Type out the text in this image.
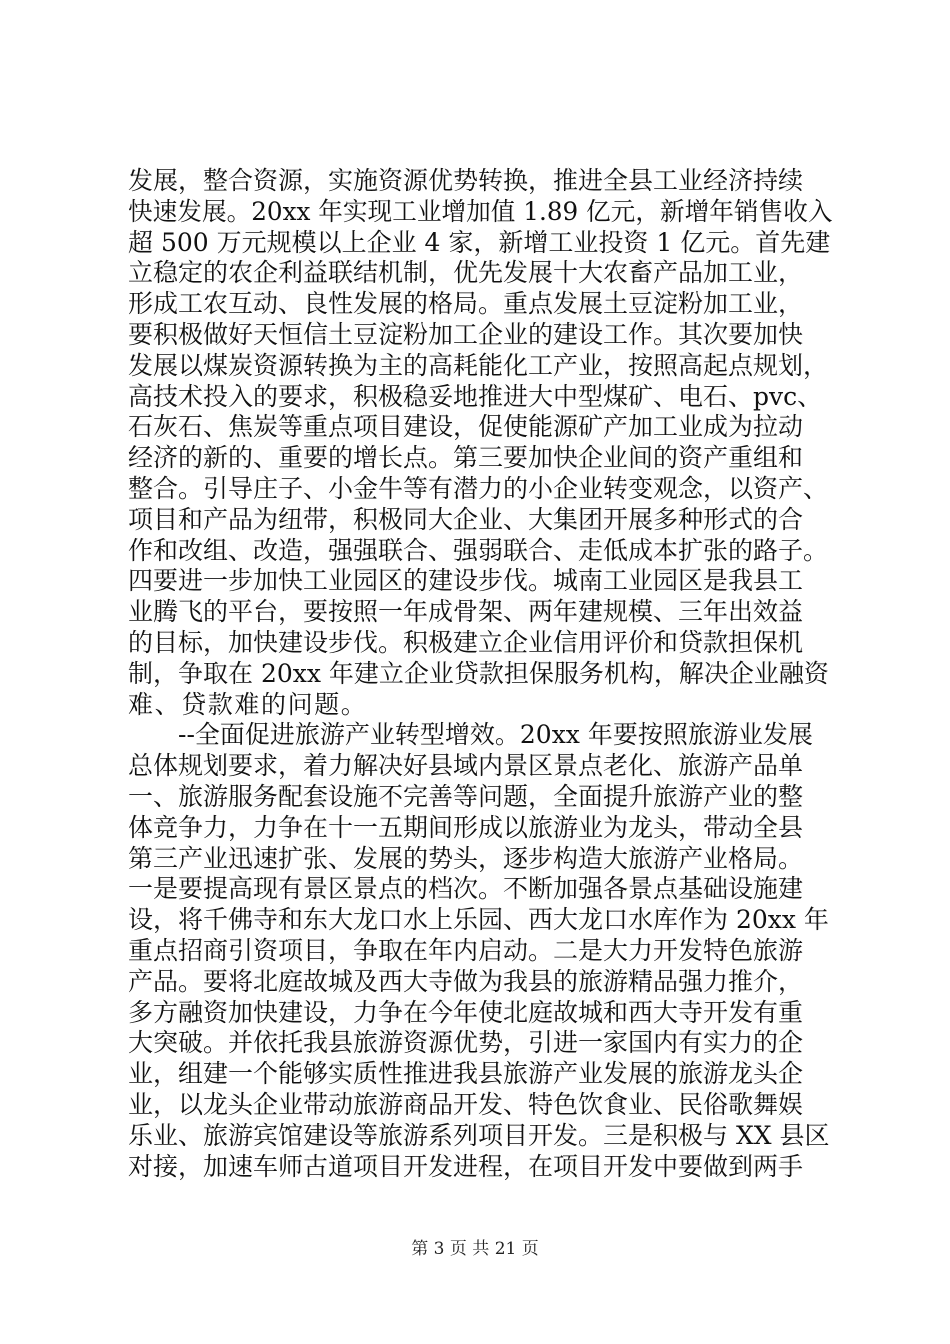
发展，整合资源，实施资源优势转换，推进全县工业经济持续
快速发展。20xx 年实现工业增加值 1.89 亿元，新增年销售收入
超 500 万元规模以上企业 4 家，新增工业投资 1 亿元。首先建
立稳定的农企利益联结机制，优先发展十大农畜产品加工业，
形成工农互动、良性发展的格局。重点发展土豆淀粉加工业，
要积极做好天恒信土豆淀粉加工企业的建设工作。其次要加快
发展以煤炭资源转换为主的高耗能化工产业，按照高起点规划，
高技术投入的要求，积极稳妥地推进大中型煤矿、电石、pvc、
石灰石、焦炭等重点项目建设，促使能源矿产加工业成为拉动
经济的新的、重要的增长点。第三要加快企业间的资产重组和
整合。引导庄子、小金牛等有潜力的小企业转变观念，以资产、
项目和产品为纽带，积极同大企业、大集团开展多种形式的合
作和改组、改造，强强联合、强弱联合、走低成本扩张的路子。
四要进一步加快工业园区的建设步伐。城南工业园区是我县工
业腾飞的平台，要按照一年成骨架、两年建规模、三年出效益
的目标，加快建设步伐。积极建立企业信用评价和贷款担保机
制，争取在 20xx 年建立企业贷款担保服务机构，解决企业融资
难、贷款难的问题。
　　--全面促进旅游产业转型增效。20xx 年要按照旅游业发展
总体规划要求，着力解决好县域内景区景点老化、旅游产品单
一、旅游服务配套设施不完善等问题，全面提升旅游产业的整
体竞争力，力争在十一五期间形成以旅游业为龙头，带动全县
第三产业迅速扩张、发展的势头，逐步构造大旅游产业格局。
一是要提高现有景区景点的档次。不断加强各景点基础设施建
设，将千佛寺和东大龙口水上乐园、西大龙口水库作为 20xx 年
重点招商引资项目，争取在年内启动。二是大力开发特色旅游
产品。要将北庭故城及西大寺做为我县的旅游精品强力推介，
多方融资加快建设，力争在今年使北庭故城和西大寺开发有重
大突破。并依托我县旅游资源优势，引进一家国内有实力的企
业，组建一个能够实质性推进我县旅游产业发展的旅游龙头企
业，以龙头企业带动旅游商品开发、特色饮食业、民俗歌舞娱
乐业、旅游宾馆建设等旅游系列项目开发。三是积极与 XX 县区
对接，加速车师古道项目开发进程，在项目开发中要做到两手
第 3 页 共 21 页
